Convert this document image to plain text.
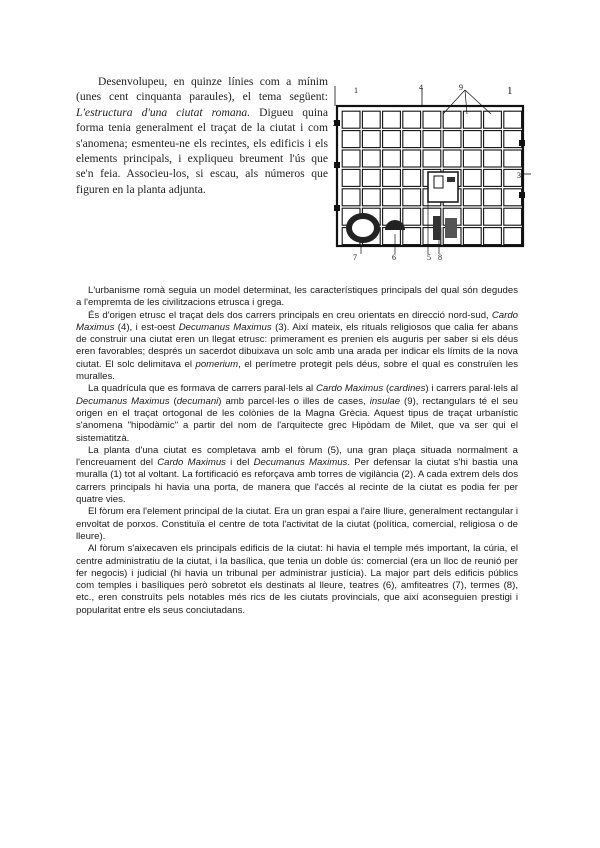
Desenvolupeu, en quinze línies com a mínim (unes cent cinquanta paraules), el tema següent: L'estructura d'una ciutat romana. Digueu quina forma tenia generalment el traçat de la ciutat i com s'anomena; esmenteu-ne els recintes, els edificis i els elements principals, i expliqueu breument l'ús que se'n feia. Associeu-los, si escau, als números que figuren en la planta adjunta.
1
2
3
4
5
6
7	8
9	1

L'urbanisme romà seguia un model determinat, les característiques principals del qual són degudes a l'empremta de les civilitzacions etrusca i grega.

És d'origen etrusc el traçat dels dos carrers principals en creu orientats en direcció nord-sud, Cardo Maximus (4), i est-oest Decumanus Maximus (3). Així mateix, els rituals religiosos que calia fer abans de construir una ciutat eren un llegat etrusc: primerament es prenien els auguris per saber si els déus eren favorables; després un sacerdot dibuixava un solc amb una arada per indicar els límits de la nova ciutat. El solc delimitava el pomerium, el perímetre protegit pels déus, sobre el qual es construïen les muralles.

La quadrícula que es formava de carrers paral·lels al Cardo Maximus (cardines) i carrers paral·lels al Decumanus Maximus (decumani) amb parcel·les o illes de cases, insulae (9), rectangulars té el seu origen en el traçat ortogonal de les colònies de la Magna Grècia. Aquest tipus de traçat urbanístic s'anomena "hipodàmic" a partir del nom de l'arquitecte grec Hipòdam de Milet, que va ser qui el sistematitzà.

La planta d'una ciutat es completava amb el fòrum (5), una gran plaça situada normalment a l'encreuament del Cardo Maximus i del Decumanus Maximus. Per defensar la ciutat s'hi bastia una muralla (1) tot al voltant. La fortificació es reforçava amb torres de vigilància (2). A cada extrem dels dos carrers principals hi havia una porta, de manera que l'accés al recinte de la ciutat es podia fer per quatre vies.

El fòrum era l'element principal de la ciutat. Era un gran espai a l'aire lliure, generalment rectangular i envoltat de porxos. Constituïa el centre de tota l'activitat de la ciutat (política, comercial, religiosa o de lleure).

Al fòrum s'aixecaven els principals edificis de la ciutat: hi havia el temple més important, la cúria, el centre administratiu de la ciutat, i la basílica, que tenia un doble ús: comercial (era un lloc de reunió per fer negocis) i judicial (hi havia un tribunal per administrar justícia). La major part dels edificis públics com temples i basíliques però sobretot els destinats al lleure, teatres (6), amfiteatres (7), termes (8), etc., eren construïts pels notables més rics de les ciutats provincials, que així aconseguien prestigi i popularitat entre els seus conciutadans.
